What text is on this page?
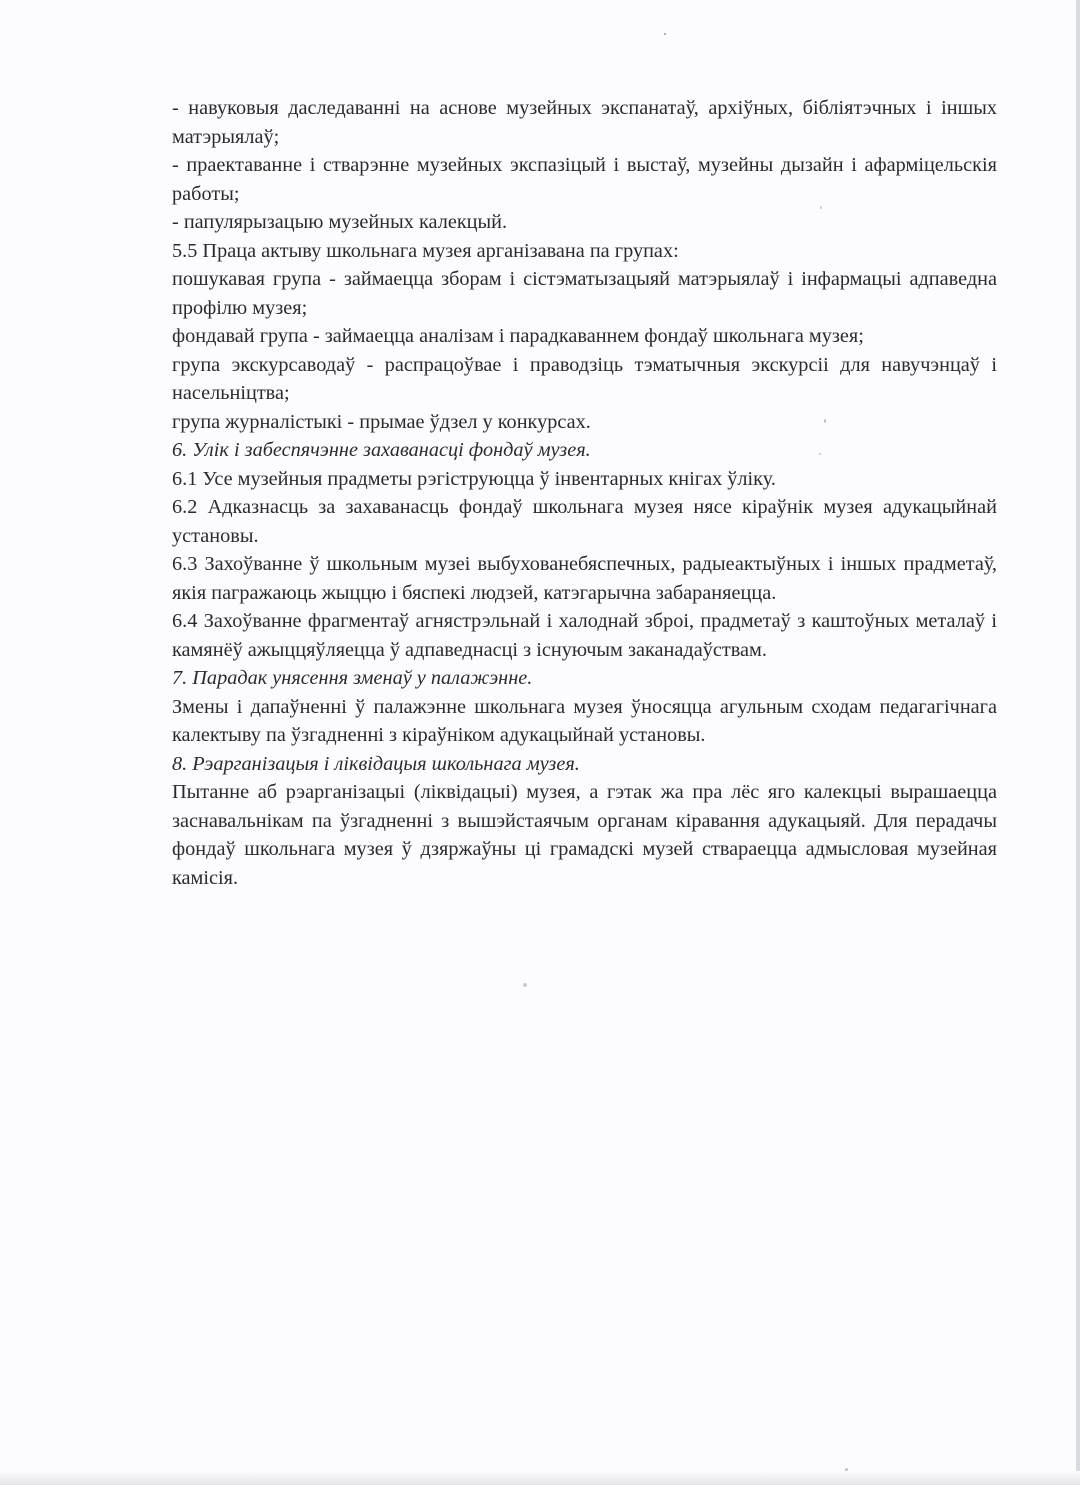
- навуковыя даследаванні на аснове музейных экспанатаў, архіўных, бібліятэчных і іншых матэрыялаў;

- праектаванне і стварэнне музейных экспазіцый і выстаў, музейны дызайн і афарміцельскія работы;

- папулярызацыю музейных калекцый.

5.5 Праца актыву школьнага музея арганізавана па групах:

пошукавая група - займаецца зборам і сістэматызацыяй матэрыялаў і інфармацыі адпаведна профілю музея;

фондавай група - займаецца аналізам і парадкаваннем фондаў школьнага музея;

група экскурсаводаў - распрацоўвае і праводзіць тэматычныя экскурсіі для навучэнцаў і насельніцтва;

група журналістыкі - прымае ўдзел у конкурсах.

6. Улік і забеспячэнне захаванасці фондаў музея.

6.1 Усе музейныя прадметы рэгіструюцца ў інвентарных кнігах ўліку.

6.2 Адказнасць за захаванасць фондаў школьнага музея нясе кіраўнік музея адукацыйнай установы.

6.3 Захоўванне ў школьным музеі выбухованебяспечных, радыеактыўных і іншых прадметаў, якія пагражаюць жыццю і бяспекі людзей, катэгарычна забараняецца.

6.4 Захоўванне фрагментаў агнястрэльнай і халоднай зброі, прадметаў з каштоўных металаў і камянёў ажыццяўляецца ў адпаведнасці з існуючым заканадаўствам.

7. Парадак унясення зменаў у палажэнне.

Змены і дапаўненні ў палажэнне школьнага музея ўносяцца агульным сходам педагагічнага калектыву па ўзгадненні з кіраўніком адукацыйнай установы.

8. Рэарганізацыя і ліквідацыя школьнага музея.

Пытанне аб рэарганізацыі (ліквідацыі) музея, а гэтак жа пра лёс яго калекцыі вырашаецца заснавальнікам па ўзгадненні з вышэйстаячым органам кіравання адукацыяй. Для перадачы фондаў школьнага музея ў дзяржаўны ці грамадскі музей ствараецца адмысловая музейная камісія.
